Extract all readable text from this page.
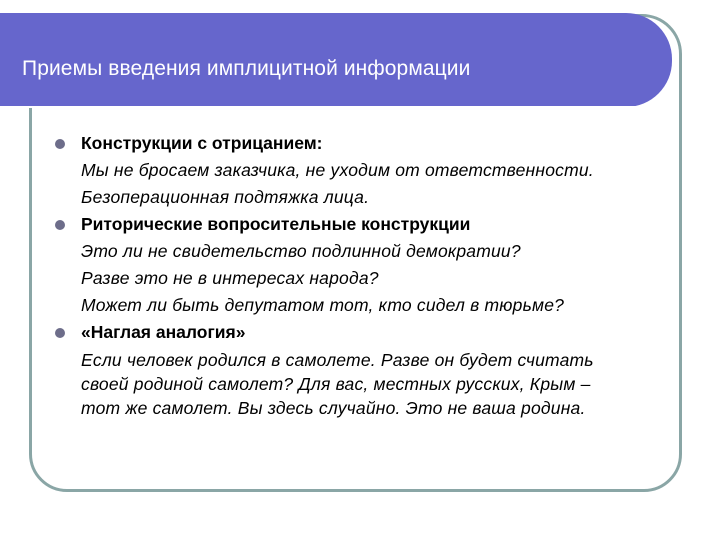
Приемы введения имплицитной информации
Конструкции с отрицанием:
Мы не бросаем заказчика, не уходим от ответственности.
Безоперационная подтяжка лица.
Риторические вопросительные конструкции
Это ли не свидетельство подлинной демократии?
Разве это не в интересах народа?
Может ли быть депутатом тот, кто сидел в тюрьме?
«Наглая аналогия»
Если человек родился в самолете. Разве он будет считать
своей родиной самолет? Для вас, местных русских, Крым –
тот же самолет. Вы здесь случайно. Это не ваша родина.
